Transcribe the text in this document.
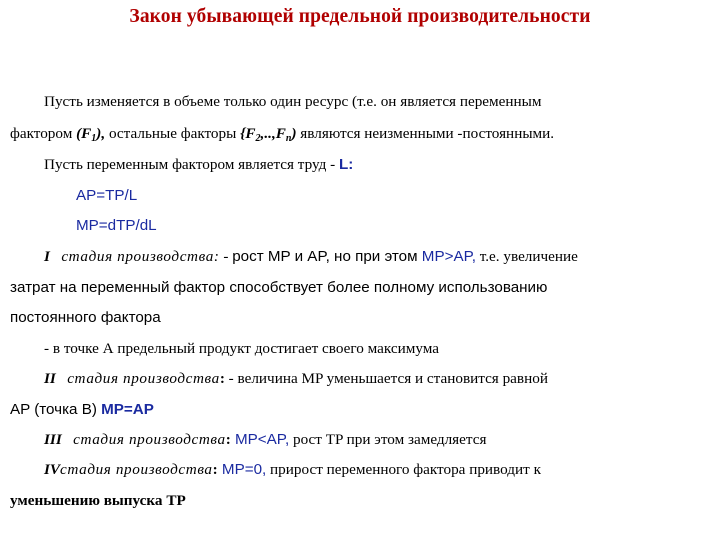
Закон убывающей предельной производительности
Пусть изменяется в объеме только один ресурс (т.е. он является переменным
фактором $(F_1)$, остальные факторы $\{F_2,..,F_n)$ являются неизменными -постоянными.
Пусть переменным фактором является труд - L:
AP=TP/L
MP=dTP/dL
I стадия производства: - рост MP и AP, но при этом MP>AP, т.е. увеличение
затрат на переменный фактор способствует более полному использованию
постоянного фактора
- в точке А предельный продукт достигает своего максимума
II стадия производства: - величина MP уменьшается и становится равной
AP (точка В) MP=AP
III стадия производства: MP<AP, рост TP при этом замедляется
IVстадия производства: MP=0, прирост переменного фактора приводит к
уменьшению выпуска TP
